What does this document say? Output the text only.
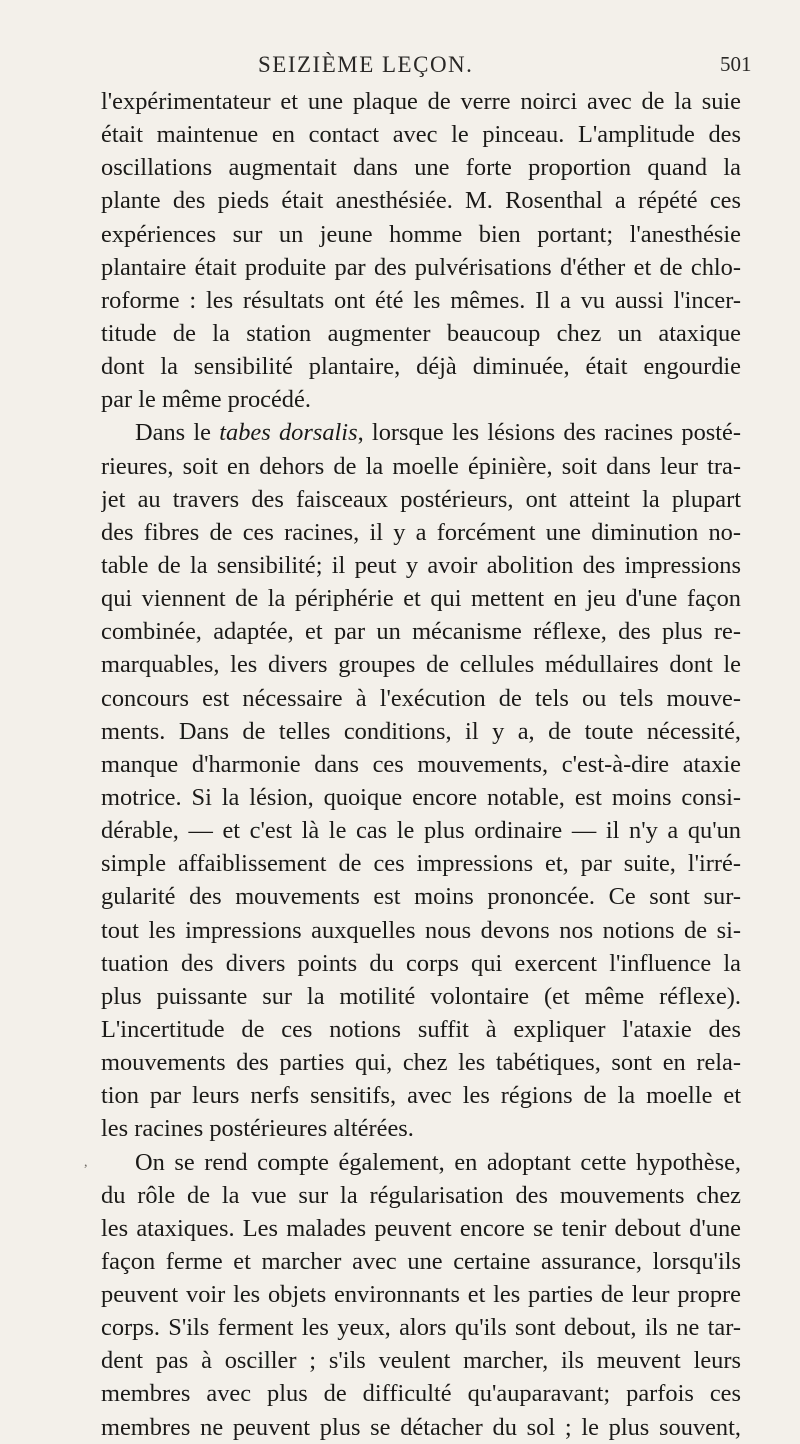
SEIZIÈME LEÇON.	501
l'expérimentateur et une plaque de verre noirci avec de la suie
était maintenue en contact avec le pinceau. L'amplitude des
oscillations augmentait dans une forte proportion quand la
plante des pieds était anesthésiée. M. Rosenthal a répété ces
expériences sur un jeune homme bien portant; l'anesthésie
plantaire était produite par des pulvérisations d'éther et de chlo-
roforme : les résultats ont été les mêmes. Il a vu aussi l'incer-
titude de la station augmenter beaucoup chez un ataxique
dont la sensibilité plantaire, déjà diminuée, était engourdie
par le même procédé.
Dans le tabes dorsalis, lorsque les lésions des racines posté-
rieures, soit en dehors de la moelle épinière, soit dans leur tra-
jet au travers des faisceaux postérieurs, ont atteint la plupart
des fibres de ces racines, il y a forcément une diminution no-
table de la sensibilité; il peut y avoir abolition des impressions
qui viennent de la périphérie et qui mettent en jeu d'une façon
combinée, adaptée, et par un mécanisme réflexe, des plus re-
marquables, les divers groupes de cellules médullaires dont le
concours est nécessaire à l'exécution de tels ou tels mouve-
ments. Dans de telles conditions, il y a, de toute nécessité,
manque d'harmonie dans ces mouvements, c'est-à-dire ataxie
motrice. Si la lésion, quoique encore notable, est moins consi-
dérable, — et c'est là le cas le plus ordinaire — il n'y a qu'un
simple affaiblissement de ces impressions et, par suite, l'irré-
gularité des mouvements est moins prononcée. Ce sont sur-
tout les impressions auxquelles nous devons nos notions de si-
tuation des divers points du corps qui exercent l'influence la
plus puissante sur la motilité volontaire (et même réflexe).
L'incertitude de ces notions suffit à expliquer l'ataxie des
mouvements des parties qui, chez les tabétiques, sont en rela-
tion par leurs nerfs sensitifs, avec les régions de la moelle et
les racines postérieures altérées.
On se rend compte également, en adoptant cette hypothèse,
du rôle de la vue sur la régularisation des mouvements chez
les ataxiques. Les malades peuvent encore se tenir debout d'une
façon ferme et marcher avec une certaine assurance, lorsqu'ils
peuvent voir les objets environnants et les parties de leur propre
corps. S'ils ferment les yeux, alors qu'ils sont debout, ils ne tar-
dent pas à osciller ; s'ils veulent marcher, ils meuvent leurs
membres avec plus de difficulté qu'auparavant; parfois ces
membres ne peuvent plus se détacher du sol ; le plus souvent,
,
